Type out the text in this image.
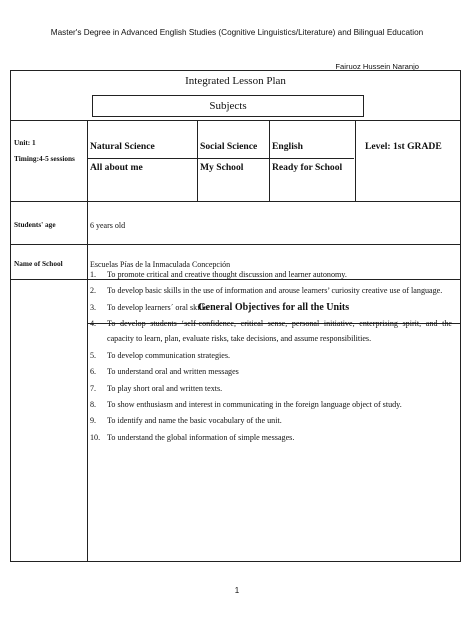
Master's Degree in Advanced English Studies (Cognitive Linguistics/Literature) and Bilingual Education
Fairuoz Hussein Naranjo
Integrated Lesson Plan
Subjects
Unit: 1
Timing:4-5 sessions
Natural Science
All about me
Social Science
My School
English
Ready for School
Level: 1st GRADE
Students' age	6 years old
Name of School	Escuelas Pías de la Inmaculada Concepción
General Objectives for all the Units
1. To promote critical and creative thought discussion and learner autonomy.
2. To develop basic skills in the use of information and arouse learners’ curiosity creative use of language.
3. To develop learners´ oral skills.
4. To develop students ‘self-confidence, critical sense, personal initiative, enterprising spirit, and the capacity to learn, plan, evaluate risks, take decisions, and assume responsibilities.
5. To develop communication strategies.
6. To understand oral and written messages
7. To play short oral and written texts.
8. To show enthusiasm and interest in communicating in the foreign language object of study.
9. To identify and name the basic vocabulary of the unit.
10. To understand the global information of simple messages.
1
